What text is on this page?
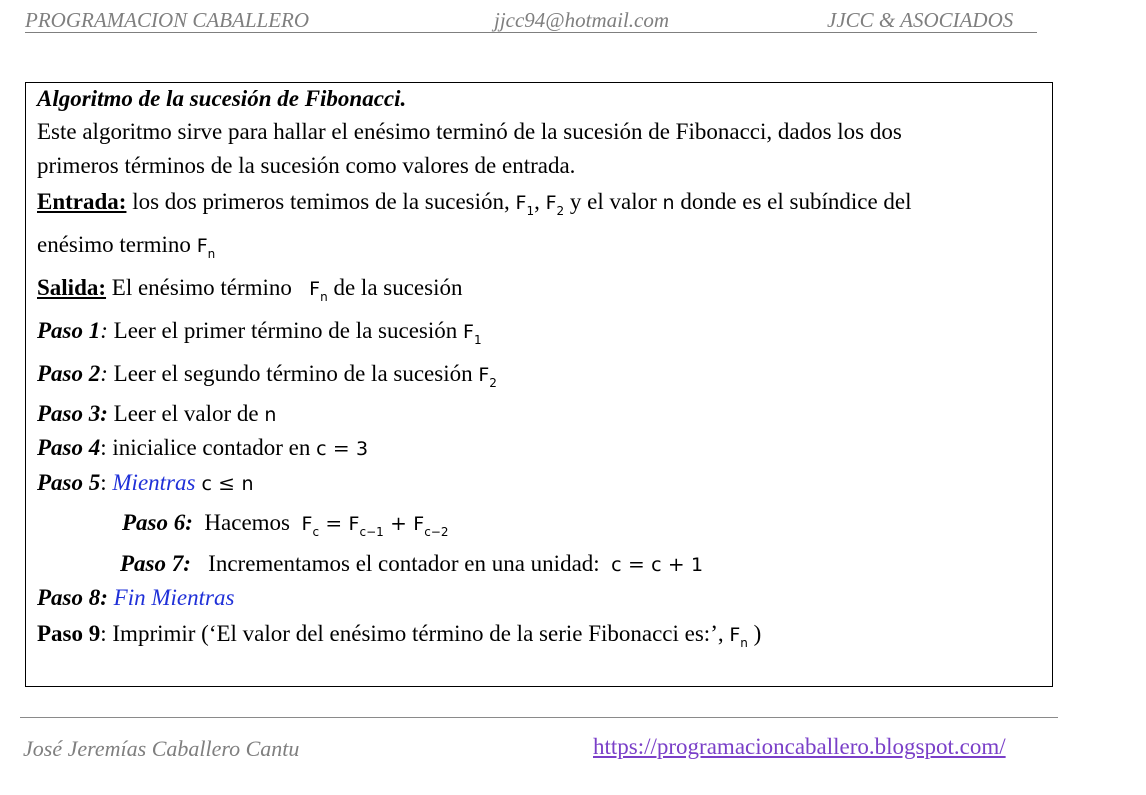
PROGRAMACION CABALLERO	jjcc94@hotmail.com	JJCC & ASOCIADOS
Algoritmo de la sucesión de Fibonacci.
Este algoritmo sirve para hallar el enésimo terminó de la sucesión de Fibonacci, dados los dos
primeros términos de la sucesión como valores de entrada.
Entrada: los dos primeros temimos de la sucesión, $F_1$, $F_2$ y el valor n donde es el subíndice del
enésimo termino $F_n$
Salida: El enésimo término   $F_n$ de la sucesión
Paso 1: Leer el primer término de la sucesión $F_1$
Paso 2: Leer el segundo término de la sucesión $F_2$
Paso 3: Leer el valor de n
Paso 4: inicialice contador en c = 3
Paso 5: Mientras c ≤ n
Paso 6:  Hacemos  $F_c = F_{c-1} + F_{c-2}$
Paso 7:   Incrementamos el contador en una unidad:  c = c + 1
Paso 8: Fin Mientras
Paso 9: Imprimir (‘El valor del enésimo término de la serie Fibonacci es:’, $F_n$ )
José Jeremías Caballero Cantu	https://programacioncaballero.blogspot.com/
